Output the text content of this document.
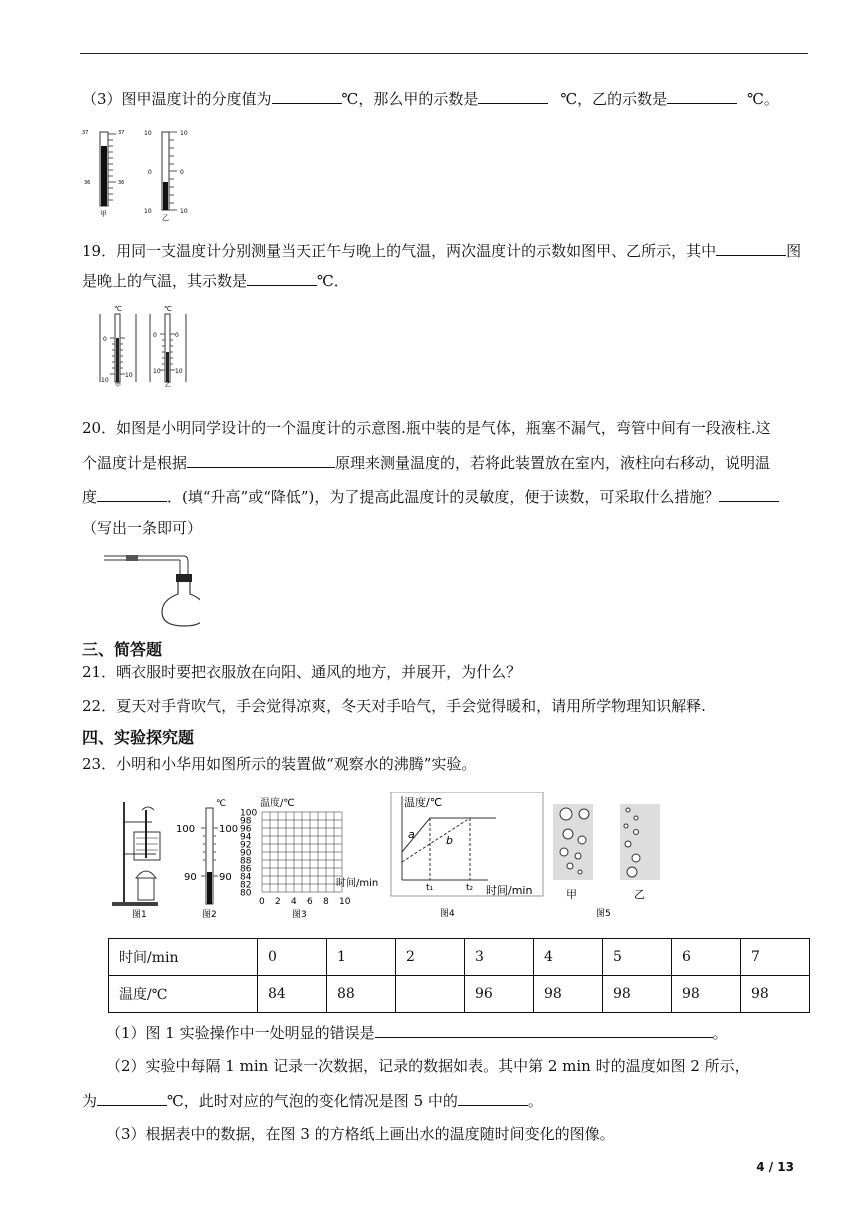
（3）图甲温度计的分度值为	℃，那么甲的示数是	℃，乙的示数是	℃。
37	37
36	36
甲
10	10
0	0
10	10
乙
19．用同一支温度计分别测量当天正午与晚上的气温，两次温度计的示数如图甲、乙所示，其中	图
是晚上的气温，其示数是	℃．
℃
0
10
10
甲
℃
0	0
10 10
乙
20．如图是小明同学设计的一个温度计的示意图.瓶中装的是气体，瓶塞不漏气，弯管中间有一段液柱.这
个温度计是根据	原理来测量温度的，若将此装置放在室内，液柱向右移动，说明温
度	．(填“升高”或“降低”)，为了提高此温度计的灵敏度，便于读数，可采取什么措施？
（写出一条即可）
三、简答题
21．晒衣服时要把衣服放在向阳、通风的地方，并展开，为什么？
22．夏天对手背吹气，手会觉得凉爽，冬天对手哈气，手会觉得暖和，请用所学物理知识解释.
四、实验探究题
23．小明和小华用如图所示的装置做“观察水的沸腾”实验。
图1
℃
100 100
90 90
图2
温度/℃
时间/min
100
98
96
94
92
90
88
86
84
82
80
0 2 4 6 8 10
图3
温度/℃
时间/min
a	b
t₁	t₂
图4
甲	乙
图5
时间/min	0	1	2	3	4	5	6	7
温度/℃	84	88		96	98	98	98	98
（1）图 1 实验操作中一处明显的错误是	。
（2）实验中每隔 1 min 记录一次数据，记录的数据如表。其中第 2 min 时的温度如图 2 所示，
为	℃，此时对应的气泡的变化情况是图 5 中的	。
（3）根据表中的数据，在图 3 的方格纸上画出水的温度随时间变化的图像。
4 / 13
